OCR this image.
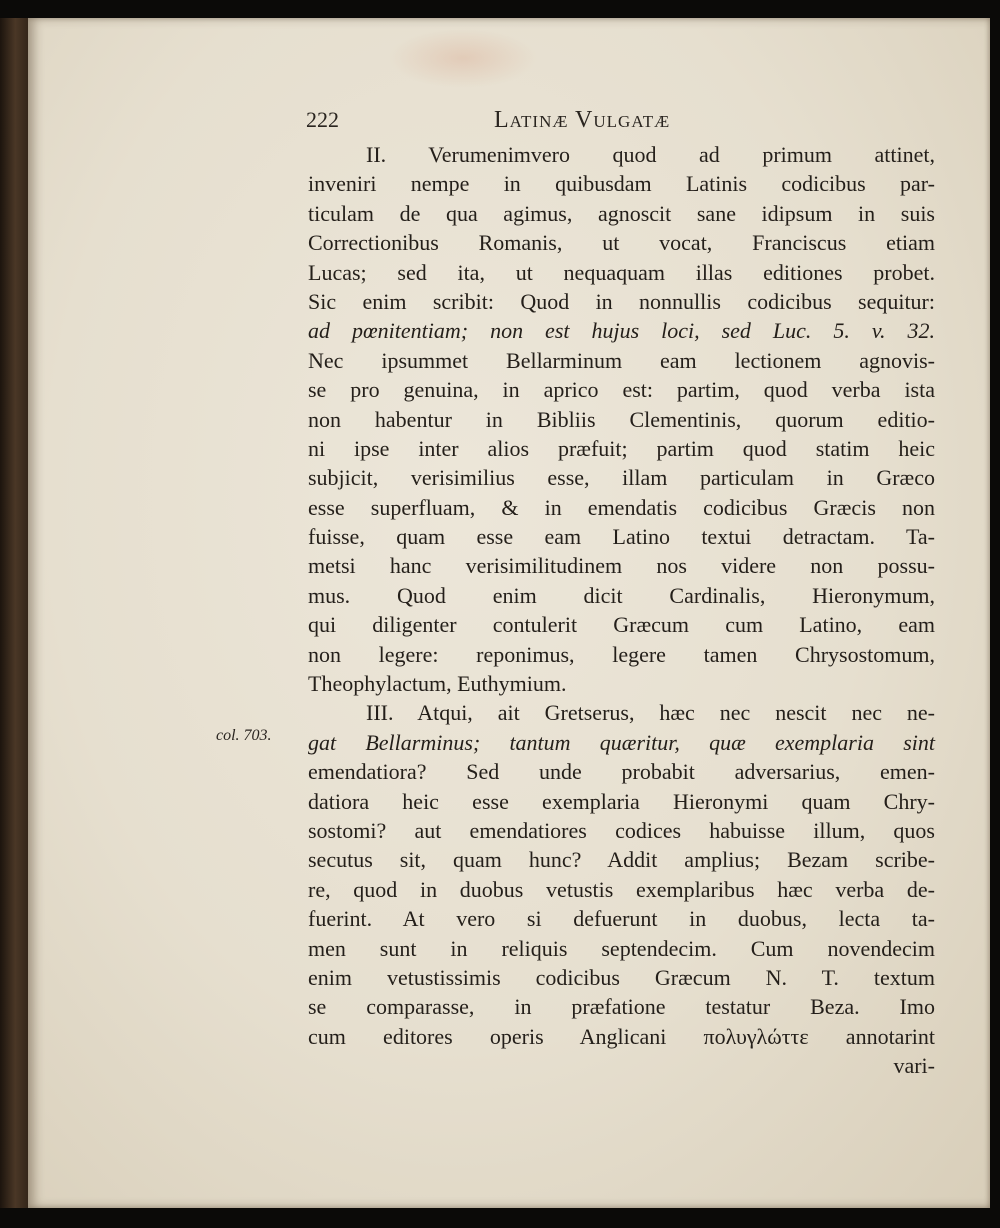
222	Latinæ Vulgatæ
col. 703.
II. Verumenimvero quod ad primum attinet,
inveniri nempe in quibusdam Latinis codicibus par-
ticulam de qua agimus, agnoscit sane idipsum in suis
Correctionibus Romanis, ut vocat, Franciscus etiam
Lucas; sed ita, ut nequaquam illas editiones probet.
Sic enim scribit: Quod in nonnullis codicibus sequitur:
ad pœnitentiam; non est hujus loci, sed Luc. 5. v. 32.
Nec ipsummet Bellarminum eam lectionem agnovis-
se pro genuina, in aprico est: partim, quod verba ista
non habentur in Bibliis Clementinis, quorum editio-
ni ipse inter alios præfuit; partim quod statim heic
subjicit, verisimilius esse, illam particulam in Græco
esse superfluam, & in emendatis codicibus Græcis non
fuisse, quam esse eam Latino textui detractam. Ta-
metsi hanc verisimilitudinem nos videre non possu-
mus. Quod enim dicit Cardinalis, Hieronymum,
qui diligenter contulerit Græcum cum Latino, eam
non legere: reponimus, legere tamen Chrysostomum,
Theophylactum, Euthymium.
III. Atqui, ait Gretserus, hæc nec nescit nec ne-
gat Bellarminus; tantum quæritur, quæ exemplaria sint
emendatiora? Sed unde probabit adversarius, emen-
datiora heic esse exemplaria Hieronymi quam Chry-
sostomi? aut emendatiores codices habuisse illum, quos
secutus sit, quam hunc? Addit amplius; Bezam scribe-
re, quod in duobus vetustis exemplaribus hæc verba de-
fuerint. At vero si defuerunt in duobus, lecta ta-
men sunt in reliquis septendecim. Cum novendecim
enim vetustissimis codicibus Græcum N. T. textum
se comparasse, in præfatione testatur Beza. Imo
cum editores operis Anglicani πολυγλώττε annotarint
vari-
